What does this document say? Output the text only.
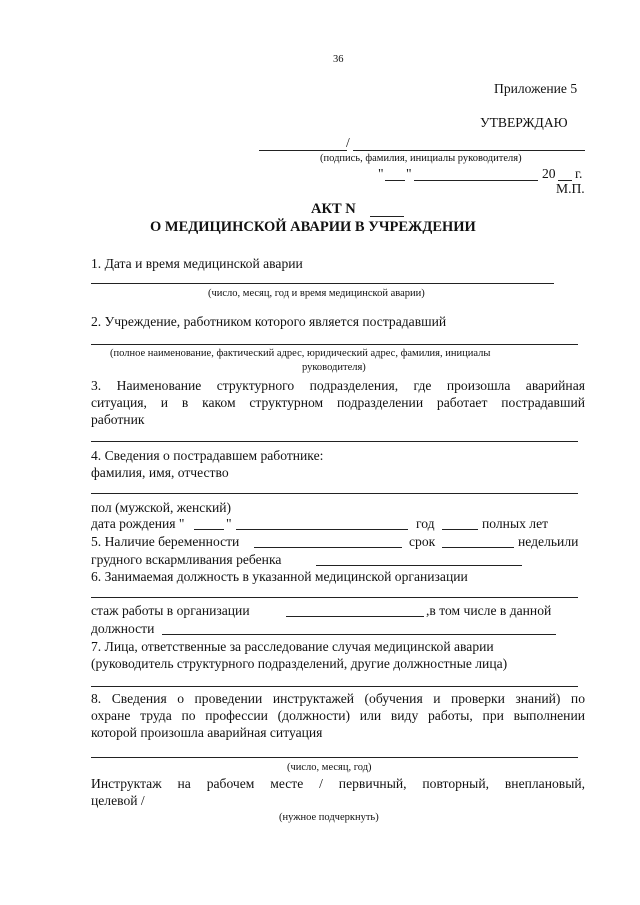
36
Приложение 5
УТВЕРЖДАЮ
/
(подпись, фамилия, инициалы руководителя)
" "	20 г.
М.П.
АКТ N
О МЕДИЦИНСКОЙ АВАРИИ В УЧРЕЖДЕНИИ
1. Дата и время медицинской аварии
(число, месяц, год и время медицинской аварии)
2. Учреждение, работником которого является пострадавший
(полное наименование, фактический адрес, юридический адрес, фамилия, инициалы
руководителя)
3. Наименование структурного подразделения, где произошла аварийная
ситуация, и в каком структурном подразделении работает пострадавший
работник
4. Сведения о пострадавшем работнике:
фамилия, имя, отчество
пол (мужской, женский)
дата рождения "	"	год	полных лет
5. Наличие беременности	срок	недельили
грудного вскармливания ребенка
6. Занимаемая должность в указанной медицинской организации
стаж работы в организации	,в том числе в данной
должности
7. Лица, ответственные за расследование случая медицинской аварии
(руководитель структурного подразделений, другие должностные лица)
8. Сведения о проведении инструктажей (обучения и проверки знаний) по
охране труда по профессии (должности) или виду работы, при выполнении
которой произошла аварийная ситуация
(число, месяц, год)
Инструктаж на рабочем месте / первичный, повторный, внеплановый,
целевой /
(нужное подчеркнуть)
